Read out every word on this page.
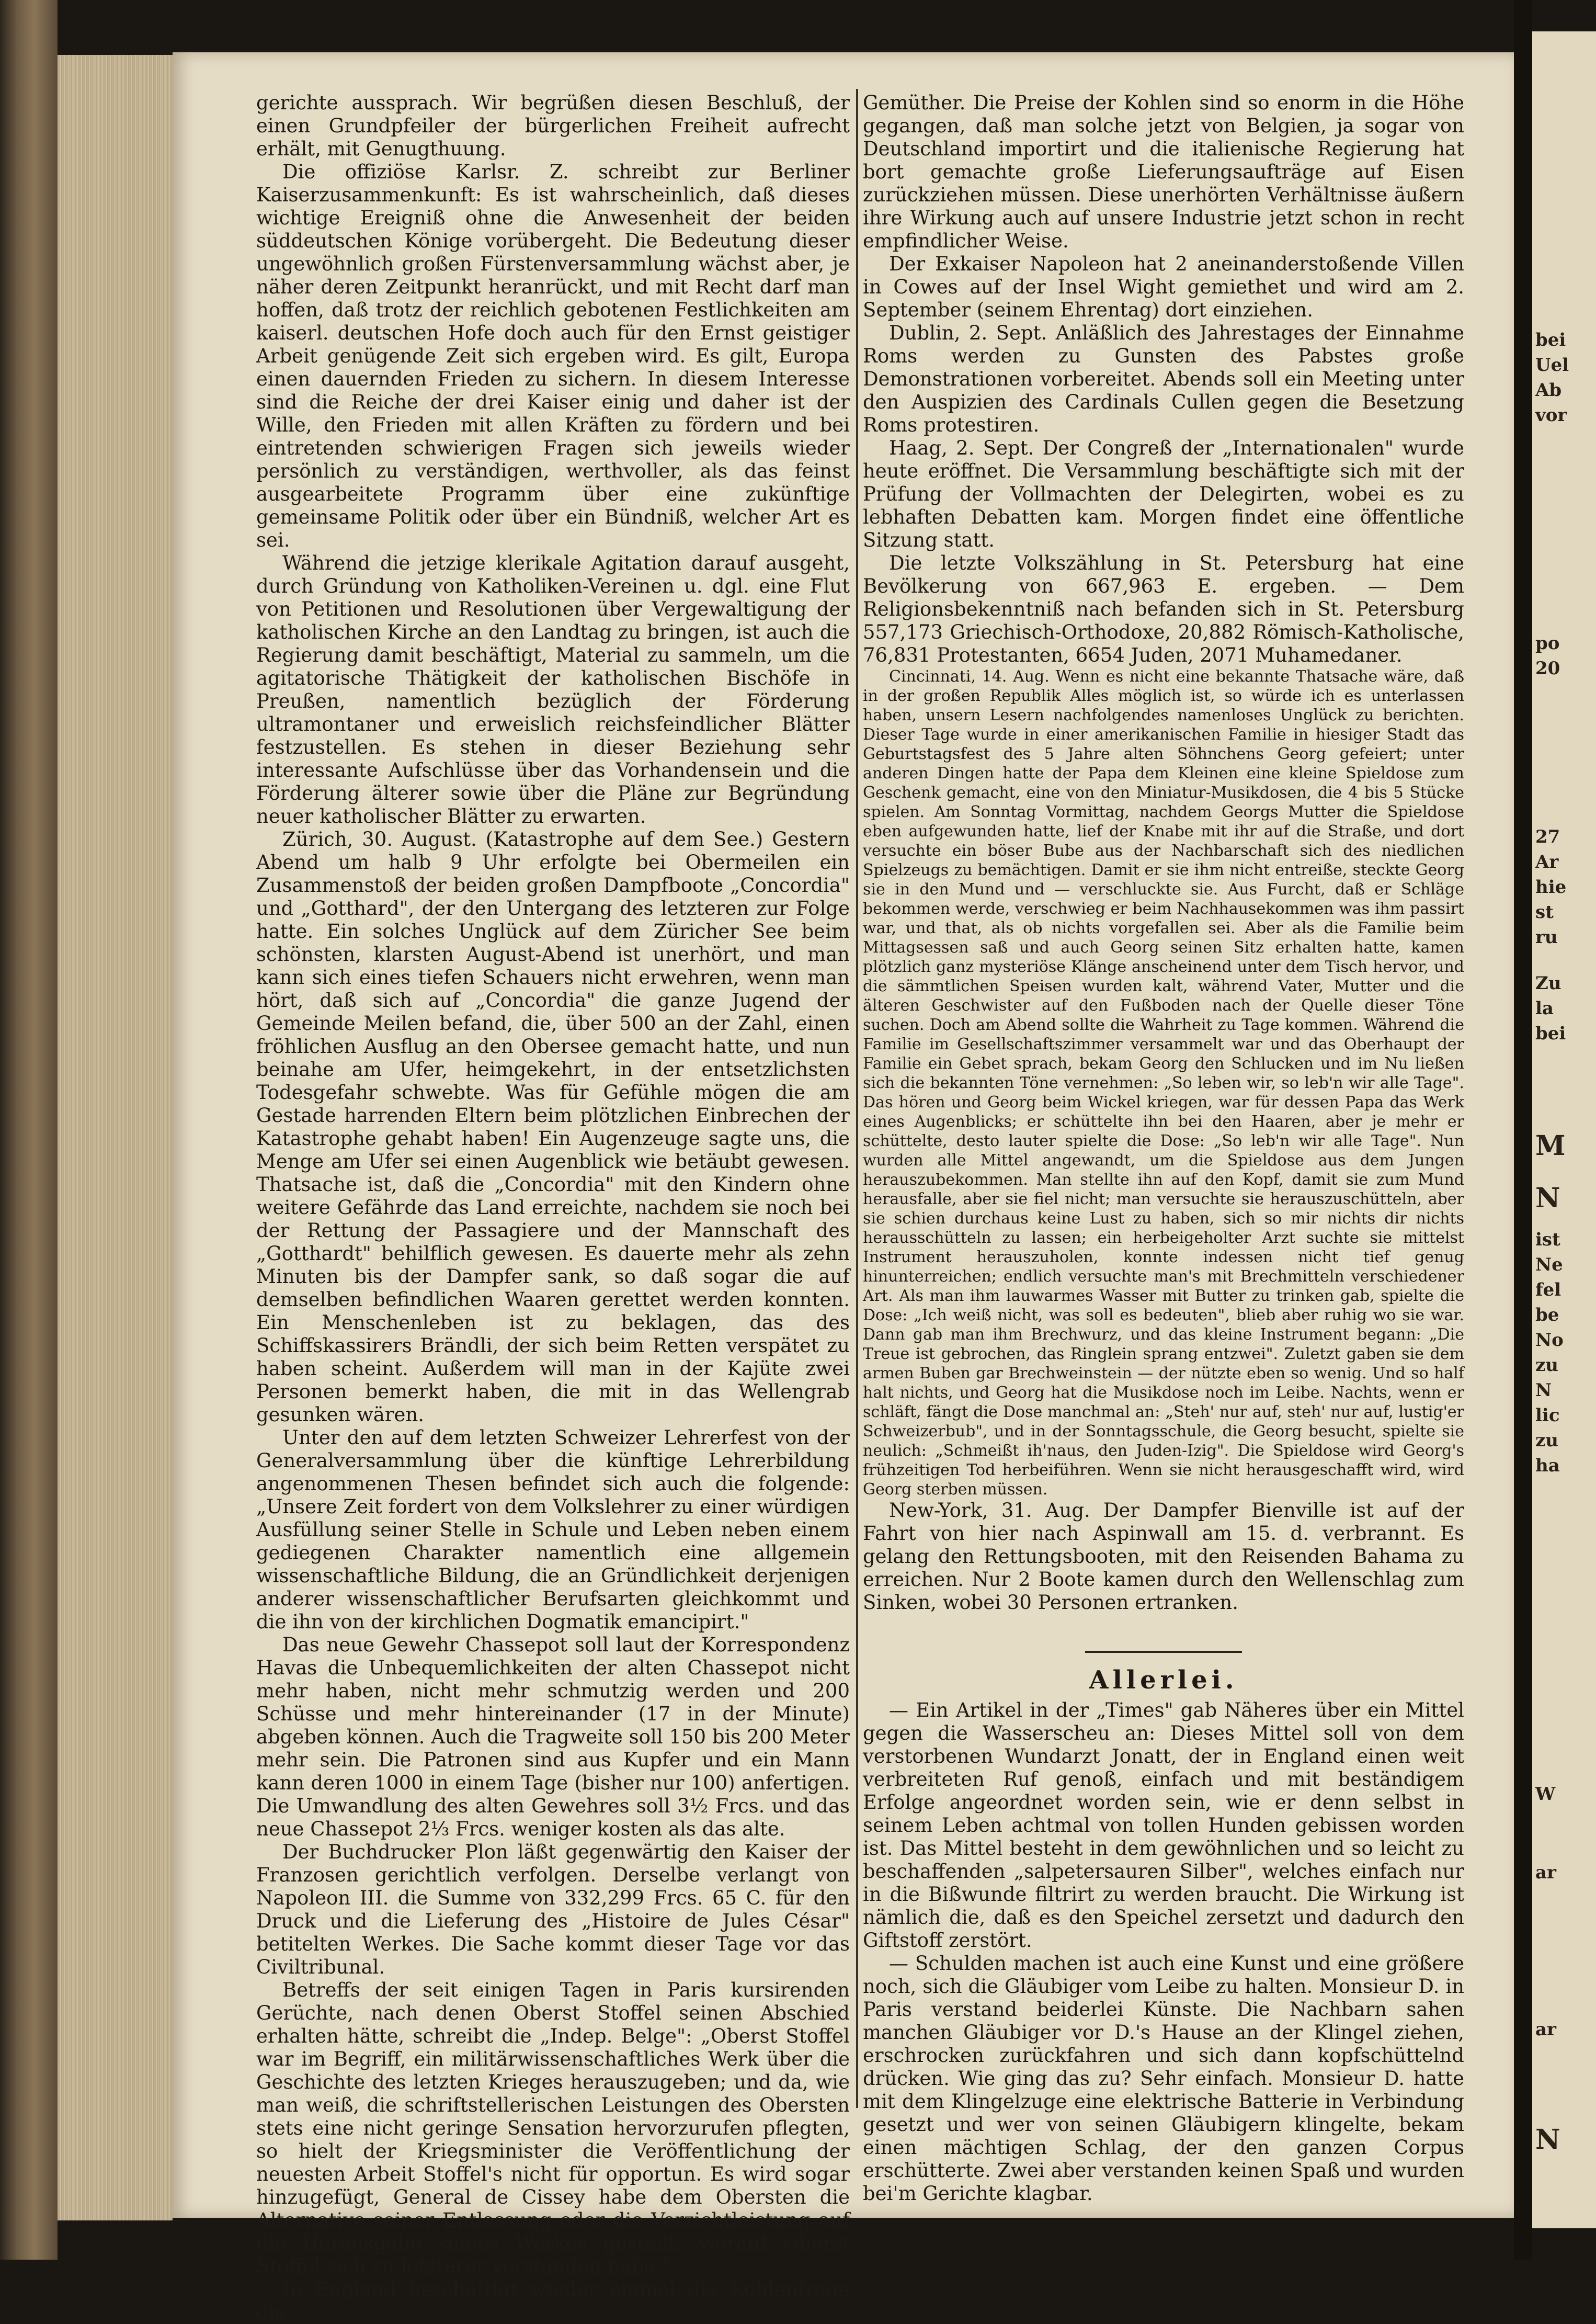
bei
Uel
Ab
vor
po
20
27
Ar
hie
st
ru
Zu
la
bei
M
N
ist
Ne
fel
be
No
zu
N
lic
zu
ha
W
ar
ar
N

gerichte aussprach. Wir begrüßen diesen Beschluß, der einen Grundpfeiler der bürgerlichen Freiheit aufrecht erhält, mit Genugthuung.

Die offiziöse Karlsr. Z. schreibt zur Berliner Kaiserzusammenkunft: Es ist wahrscheinlich, daß dieses wichtige Ereigniß ohne die Anwesenheit der beiden süddeutschen Könige vorübergeht. Die Bedeutung dieser ungewöhnlich großen Fürstenversammlung wächst aber, je näher deren Zeitpunkt heranrückt, und mit Recht darf man hoffen, daß trotz der reichlich gebotenen Festlichkeiten am kaiserl. deutschen Hofe doch auch für den Ernst geistiger Arbeit genügende Zeit sich ergeben wird. Es gilt, Europa einen dauernden Frieden zu sichern. In diesem Interesse sind die Reiche der drei Kaiser einig und daher ist der Wille, den Frieden mit allen Kräften zu fördern und bei eintretenden schwierigen Fragen sich jeweils wieder persönlich zu verständigen, werthvoller, als das feinst ausgearbeitete Programm über eine zukünftige gemeinsame Politik oder über ein Bündniß, welcher Art es sei.

Während die jetzige klerikale Agitation darauf ausgeht, durch Gründung von Katholiken-Vereinen u. dgl. eine Flut von Petitionen und Resolutionen über Vergewaltigung der katholischen Kirche an den Landtag zu bringen, ist auch die Regierung damit beschäftigt, Material zu sammeln, um die agitatorische Thätigkeit der katholischen Bischöfe in Preußen, namentlich bezüglich der Förderung ultramontaner und erweislich reichsfeindlicher Blätter festzustellen. Es stehen in dieser Beziehung sehr interessante Aufschlüsse über das Vorhandensein und die Förderung älterer sowie über die Pläne zur Begründung neuer katholischer Blätter zu erwarten.

Zürich, 30. August. (Katastrophe auf dem See.) Gestern Abend um halb 9 Uhr erfolgte bei Obermeilen ein Zusammenstoß der beiden großen Dampfboote „Concordia" und „Gotthard", der den Untergang des letzteren zur Folge hatte. Ein solches Unglück auf dem Züricher See beim schönsten, klarsten August-Abend ist unerhört, und man kann sich eines tiefen Schauers nicht erwehren, wenn man hört, daß sich auf „Concordia" die ganze Jugend der Gemeinde Meilen befand, die, über 500 an der Zahl, einen fröhlichen Ausflug an den Obersee gemacht hatte, und nun beinahe am Ufer, heimgekehrt, in der entsetzlichsten Todesgefahr schwebte. Was für Gefühle mögen die am Gestade harrenden Eltern beim plötzlichen Einbrechen der Katastrophe gehabt haben! Ein Augenzeuge sagte uns, die Menge am Ufer sei einen Augenblick wie betäubt gewesen. Thatsache ist, daß die „Concordia" mit den Kindern ohne weitere Gefährde das Land erreichte, nachdem sie noch bei der Rettung der Passagiere und der Mannschaft des „Gotthardt" behilflich gewesen. Es dauerte mehr als zehn Minuten bis der Dampfer sank, so daß sogar die auf demselben befindlichen Waaren gerettet werden konnten. Ein Menschenleben ist zu beklagen, das des Schiffskassirers Brändli, der sich beim Retten verspätet zu haben scheint. Außerdem will man in der Kajüte zwei Personen bemerkt haben, die mit in das Wellengrab gesunken wären.

Unter den auf dem letzten Schweizer Lehrerfest von der Generalversammlung über die künftige Lehrerbildung angenommenen Thesen befindet sich auch die folgende: „Unsere Zeit fordert von dem Volkslehrer zu einer würdigen Ausfüllung seiner Stelle in Schule und Leben neben einem gediegenen Charakter namentlich eine allgemein wissenschaftliche Bildung, die an Gründlichkeit derjenigen anderer wissenschaftlicher Berufsarten gleichkommt und die ihn von der kirchlichen Dogmatik emancipirt."

Das neue Gewehr Chassepot soll laut der Korrespondenz Havas die Unbequemlichkeiten der alten Chassepot nicht mehr haben, nicht mehr schmutzig werden und 200 Schüsse und mehr hintereinander (17 in der Minute) abgeben können. Auch die Tragweite soll 150 bis 200 Meter mehr sein. Die Patronen sind aus Kupfer und ein Mann kann deren 1000 in einem Tage (bisher nur 100) anfertigen. Die Umwandlung des alten Gewehres soll 3½ Frcs. und das neue Chassepot 2⅓ Frcs. weniger kosten als das alte.

Der Buchdrucker Plon läßt gegenwärtig den Kaiser der Franzosen gerichtlich verfolgen. Derselbe verlangt von Napoleon III. die Summe von 332,299 Frcs. 65 C. für den Druck und die Lieferung des „Histoire de Jules César" betitelten Werkes. Die Sache kommt dieser Tage vor das Civiltribunal.

Betreffs der seit einigen Tagen in Paris kursirenden Gerüchte, nach denen Oberst Stoffel seinen Abschied erhalten hätte, schreibt die „Indep. Belge": „Oberst Stoffel war im Begriff, ein militärwissenschaftliches Werk über die Geschichte des letzten Krieges herauszugeben; und da, wie man weiß, die schriftstellerischen Leistungen des Obersten stets eine nicht geringe Sensation hervorzurufen pflegten, so hielt der Kriegsminister die Veröffentlichung der neuesten Arbeit Stoffel's nicht für opportun. Es wird sogar hinzugefügt, General de Cissey habe dem Obersten die Alternative seiner Entlassung oder die Verzichtleistung auf die Herausgabe seines Werkes gestellt, worauf Oberst Stoffel sich zu letzterer verstanden habe."

In England beschäftigt wieder einmal die Kohlenfrage die

Gemüther. Die Preise der Kohlen sind so enorm in die Höhe gegangen, daß man solche jetzt von Belgien, ja sogar von Deutschland importirt und die italienische Regierung hat bort gemachte große Lieferungsaufträge auf Eisen zurückziehen müssen. Diese unerhörten Verhältnisse äußern ihre Wirkung auch auf unsere Industrie jetzt schon in recht empfindlicher Weise.

Der Exkaiser Napoleon hat 2 aneinanderstoßende Villen in Cowes auf der Insel Wight gemiethet und wird am 2. September (seinem Ehrentag) dort einziehen.

Dublin, 2. Sept. Anläßlich des Jahrestages der Einnahme Roms werden zu Gunsten des Pabstes große Demonstrationen vorbereitet. Abends soll ein Meeting unter den Auspizien des Cardinals Cullen gegen die Besetzung Roms protestiren.

Haag, 2. Sept. Der Congreß der „Internationalen" wurde heute eröffnet. Die Versammlung beschäftigte sich mit der Prüfung der Vollmachten der Delegirten, wobei es zu lebhaften Debatten kam. Morgen findet eine öffentliche Sitzung statt.

Die letzte Volkszählung in St. Petersburg hat eine Bevölkerung von 667,963 E. ergeben. — Dem Religionsbekenntniß nach befanden sich in St. Petersburg 557,173 Griechisch-Orthodoxe, 20,882 Römisch-Katholische, 76,831 Protestanten, 6654 Juden, 2071 Muhamedaner.

Cincinnati, 14. Aug. Wenn es nicht eine bekannte Thatsache wäre, daß in der großen Republik Alles möglich ist, so würde ich es unterlassen haben, unsern Lesern nachfolgendes namenloses Unglück zu berichten. Dieser Tage wurde in einer amerikanischen Familie in hiesiger Stadt das Geburtstagsfest des 5 Jahre alten Söhnchens Georg gefeiert; unter anderen Dingen hatte der Papa dem Kleinen eine kleine Spieldose zum Geschenk gemacht, eine von den Miniatur-Musikdosen, die 4 bis 5 Stücke spielen. Am Sonntag Vormittag, nachdem Georgs Mutter die Spieldose eben aufgewunden hatte, lief der Knabe mit ihr auf die Straße, und dort versuchte ein böser Bube aus der Nachbarschaft sich des niedlichen Spielzeugs zu bemächtigen. Damit er sie ihm nicht entreiße, steckte Georg sie in den Mund und — verschluckte sie. Aus Furcht, daß er Schläge bekommen werde, verschwieg er beim Nachhausekommen was ihm passirt war, und that, als ob nichts vorgefallen sei. Aber als die Familie beim Mittagsessen saß und auch Georg seinen Sitz erhalten hatte, kamen plötzlich ganz mysteriöse Klänge anscheinend unter dem Tisch hervor, und die sämmtlichen Speisen wurden kalt, während Vater, Mutter und die älteren Geschwister auf den Fußboden nach der Quelle dieser Töne suchen. Doch am Abend sollte die Wahrheit zu Tage kommen. Während die Familie im Gesellschaftszimmer versammelt war und das Oberhaupt der Familie ein Gebet sprach, bekam Georg den Schlucken und im Nu ließen sich die bekannten Töne vernehmen: „So leben wir, so leb'n wir alle Tage". Das hören und Georg beim Wickel kriegen, war für dessen Papa das Werk eines Augenblicks; er schüttelte ihn bei den Haaren, aber je mehr er schüttelte, desto lauter spielte die Dose: „So leb'n wir alle Tage". Nun wurden alle Mittel angewandt, um die Spieldose aus dem Jungen herauszubekommen. Man stellte ihn auf den Kopf, damit sie zum Mund herausfalle, aber sie fiel nicht; man versuchte sie herauszuschütteln, aber sie schien durchaus keine Lust zu haben, sich so mir nichts dir nichts herausschütteln zu lassen; ein herbeigeholter Arzt suchte sie mittelst Instrument herauszuholen, konnte indessen nicht tief genug hinunterreichen; endlich versuchte man's mit Brechmitteln verschiedener Art. Als man ihm lauwarmes Wasser mit Butter zu trinken gab, spielte die Dose: „Ich weiß nicht, was soll es bedeuten", blieb aber ruhig wo sie war. Dann gab man ihm Brechwurz, und das kleine Instrument begann: „Die Treue ist gebrochen, das Ringlein sprang entzwei". Zuletzt gaben sie dem armen Buben gar Brechweinstein — der nützte eben so wenig. Und so half halt nichts, und Georg hat die Musikdose noch im Leibe. Nachts, wenn er schläft, fängt die Dose manchmal an: „Steh' nur auf, steh' nur auf, lustig'er Schweizerbub", und in der Sonntagsschule, die Georg besucht, spielte sie neulich: „Schmeißt ih'naus, den Juden-Izig". Die Spieldose wird Georg's frühzeitigen Tod herbeiführen. Wenn sie nicht herausgeschafft wird, wird Georg sterben müssen.

New-York, 31. Aug. Der Dampfer Bienville ist auf der Fahrt von hier nach Aspinwall am 15. d. verbrannt. Es gelang den Rettungsbooten, mit den Reisenden Bahama zu erreichen. Nur 2 Boote kamen durch den Wellenschlag zum Sinken, wobei 30 Personen ertranken.

Allerlei.

— Ein Artikel in der „Times" gab Näheres über ein Mittel gegen die Wasserscheu an: Dieses Mittel soll von dem verstorbenen Wundarzt Jonatt, der in England einen weit verbreiteten Ruf genoß, einfach und mit beständigem Erfolge angeordnet worden sein, wie er denn selbst in seinem Leben achtmal von tollen Hunden gebissen worden ist. Das Mittel besteht in dem gewöhnlichen und so leicht zu beschaffenden „salpetersauren Silber", welches einfach nur in die Bißwunde filtrirt zu werden braucht. Die Wirkung ist nämlich die, daß es den Speichel zersetzt und dadurch den Giftstoff zerstört.

— Schulden machen ist auch eine Kunst und eine größere noch, sich die Gläubiger vom Leibe zu halten. Monsieur D. in Paris verstand beiderlei Künste. Die Nachbarn sahen manchen Gläubiger vor D.'s Hause an der Klingel ziehen, erschrocken zurückfahren und sich dann kopfschüttelnd drücken. Wie ging das zu? Sehr einfach. Monsieur D. hatte mit dem Klingelzuge eine elektrische Batterie in Verbindung gesetzt und wer von seinen Gläubigern klingelte, bekam einen mächtigen Schlag, der den ganzen Corpus erschütterte. Zwei aber verstanden keinen Spaß und wurden bei'm Gerichte klagbar.
